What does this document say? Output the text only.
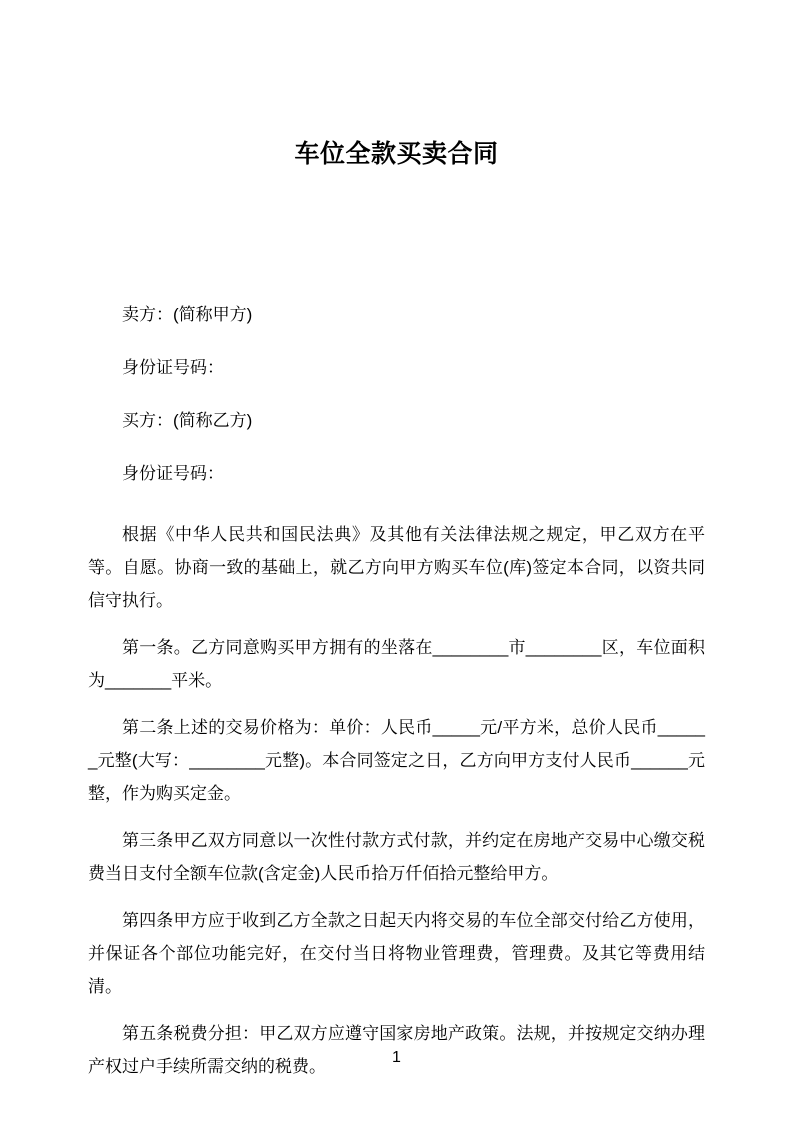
车位全款买卖合同

卖方：(简称甲方)

身份证号码：

买方：(简称乙方)

身份证号码：

根据《中华人民共和国民法典》及其他有关法律法规之规定，甲乙双方在平等。自愿。协商一致的基础上，就乙方向甲方购买车位(库)签定本合同，以资共同信守执行。

第一条。乙方同意购买甲方拥有的坐落在________市________区，车位面积为_______平米。

第二条上述的交易价格为：单价：人民币_____元/平方米，总价人民币______元整(大写：________元整)。本合同签定之日，乙方向甲方支付人民币______元整，作为购买定金。

第三条甲乙双方同意以一次性付款方式付款，并约定在房地产交易中心缴交税费当日支付全额车位款(含定金)人民币拾万仟佰拾元整给甲方。

第四条甲方应于收到乙方全款之日起天内将交易的车位全部交付给乙方使用，并保证各个部位功能完好，在交付当日将物业管理费，管理费。及其它等费用结清。

第五条税费分担：甲乙双方应遵守国家房地产政策。法规，并按规定交纳办理产权过户手续所需交纳的税费。	1
